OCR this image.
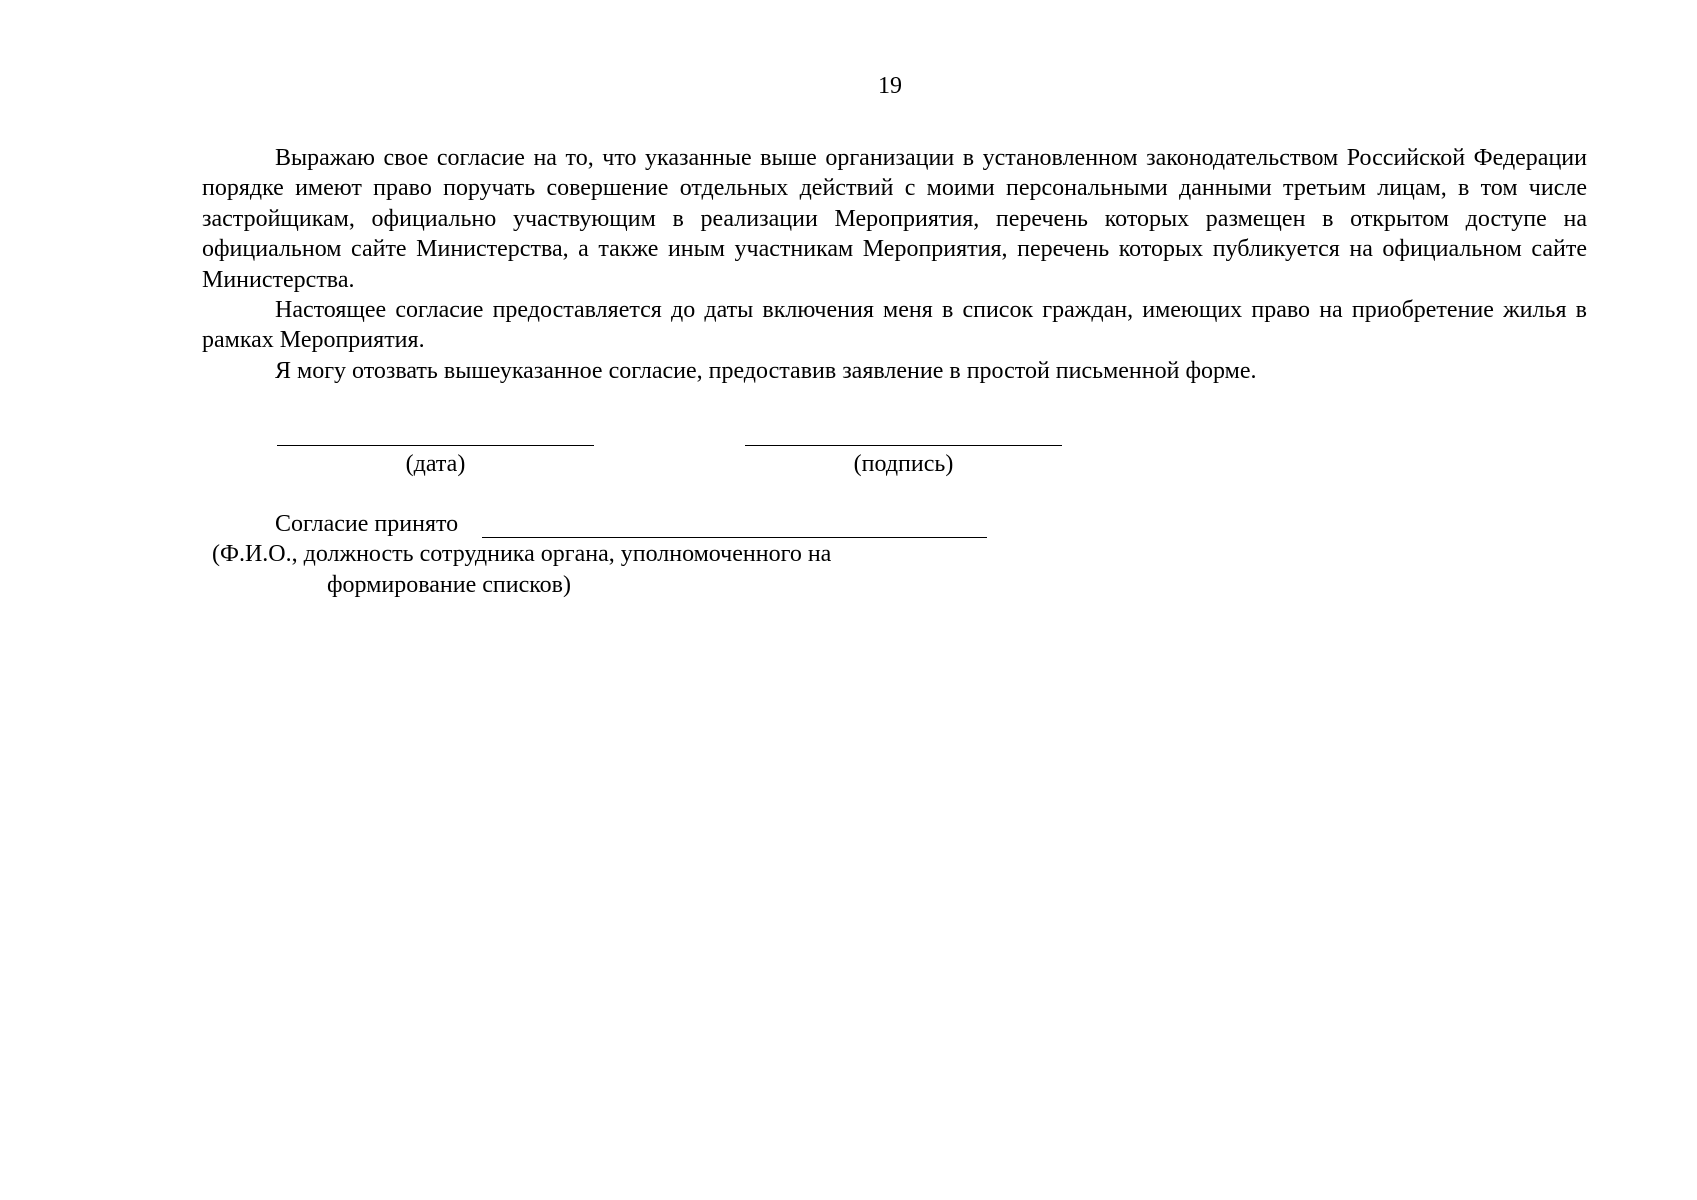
19

Выражаю свое согласие на то, что указанные выше организации в установленном законодательством Российской Федерации порядке имеют право поручать совершение отдельных действий с моими персональными данными третьим лицам, в том числе застройщикам, официально участвующим в реализации Мероприятия, перечень которых размещен в открытом доступе на официальном сайте Министерства, а также иным участникам Мероприятия, перечень которых публикуется на официальном сайте Министерства.

Настоящее согласие предоставляется до даты включения меня в список граждан, имеющих право на приобретение жилья в рамках Мероприятия.

Я могу отозвать вышеуказанное согласие, предоставив заявление в простой письменной форме.

(дата)	(подпись)
Согласие принято
(Ф.И.О., должность сотрудника органа, уполномоченного на
формирование списков)
